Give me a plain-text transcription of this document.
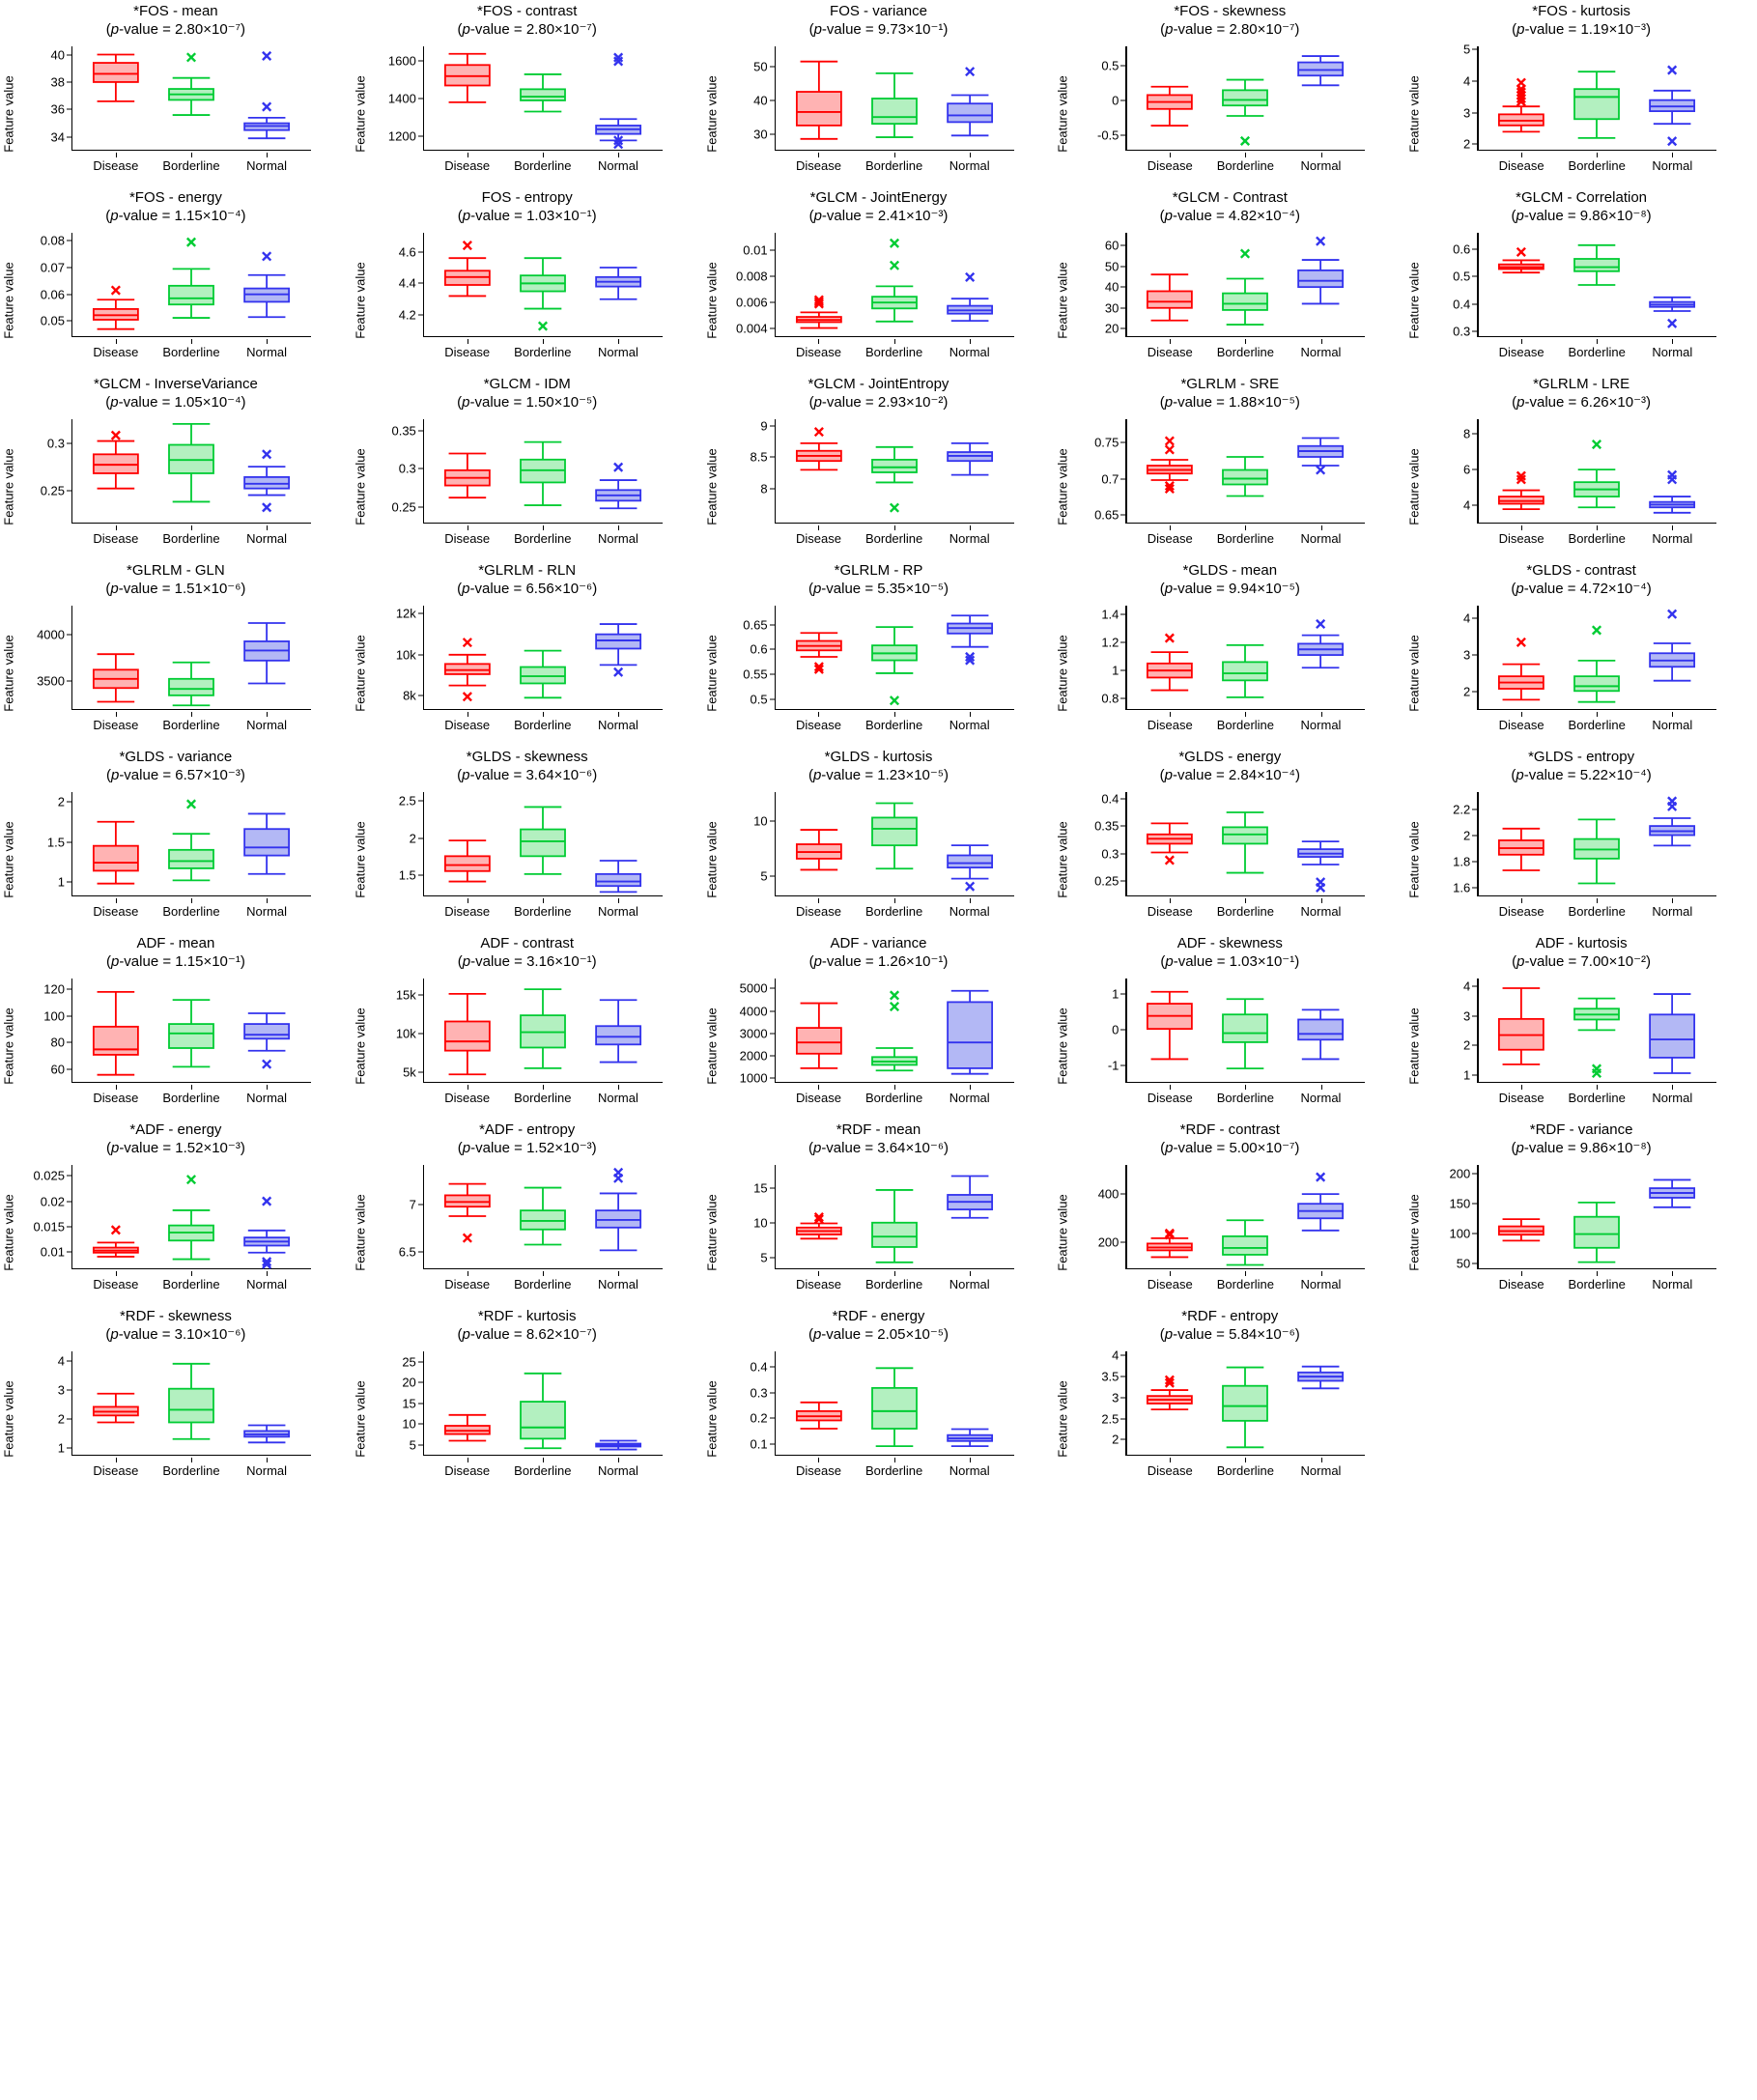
*FOS - mean
(p-value = 2.80×10⁻⁷)
Feature value	34
36
38
40
Disease Borderline Normal
*FOS - contrast
(p-value = 2.80×10⁻⁷)
Feature value 1200
1400
1600
Disease Borderline Normal
FOS - variance
(p-value = 9.73×10⁻¹)
Feature value	30
40
50
Disease Borderline Normal
*FOS - skewness
(p-value = 2.80×10⁻⁷)
Feature value -0.5
0
0.5
Disease Borderline Normal
*FOS - kurtosis
(p-value = 1.19×10⁻³)
Feature value	2
3
4
5
Disease Borderline Normal
*FOS - energy
(p-value = 1.15×10⁻⁴)
Feature value 0.05
0.06
0.07
0.08
Disease Borderline Normal
FOS - entropy
(p-value = 1.03×10⁻¹)
Feature value 4.2
4.4
4.6
Disease Borderline Normal
*GLCM - JointEnergy
(p-value = 2.41×10⁻³)
Feature value 0.004
0.006
0.008
0.01
Disease Borderline Normal
*GLCM - Contrast
(p-value = 4.82×10⁻⁴)
Feature value	20
30
40
50
60
Disease Borderline Normal
*GLCM - Correlation
(p-value = 9.86×10⁻⁸)
Feature value 0.3
0.4
0.5
0.6
Disease Borderline Normal
*GLCM - InverseVariance
(p-value = 1.05×10⁻⁴)
Feature value 0.25
0.3
Disease Borderline Normal
*GLCM - IDM
(p-value = 1.50×10⁻⁵)
Feature value 0.25
0.3
0.35
Disease Borderline Normal
*GLCM - JointEntropy
(p-value = 2.93×10⁻²)
Feature value	8
8.5
9
Disease Borderline Normal
*GLRLM - SRE
(p-value = 1.88×10⁻⁵)
Feature value 0.65
0.7
0.75
Disease Borderline Normal
*GLRLM - LRE
(p-value = 6.26×10⁻³)
Feature value	4
6
8
Disease Borderline Normal
*GLRLM - GLN
(p-value = 1.51×10⁻⁶)
Feature value 3500
4000
Disease Borderline Normal
*GLRLM - RLN
(p-value = 6.56×10⁻⁶)
Feature value	8k
10k
12k
Disease Borderline Normal
*GLRLM - RP
(p-value = 5.35×10⁻⁵)
Feature value 0.5
0.55
0.6
0.65
Disease Borderline Normal
*GLDS - mean
(p-value = 9.94×10⁻⁵)
Feature value 0.8
1
1.2
1.4
Disease Borderline Normal
*GLDS - contrast
(p-value = 4.72×10⁻⁴)
Feature value	2
3
4
Disease Borderline Normal
*GLDS - variance
(p-value = 6.57×10⁻³)
Feature value	1
1.5
2
Disease Borderline Normal
*GLDS - skewness
(p-value = 3.64×10⁻⁶)
Feature value 1.5
2
2.5
Disease Borderline Normal
*GLDS - kurtosis
(p-value = 1.23×10⁻⁵)
Feature value	5
10
Disease Borderline Normal
*GLDS - energy
(p-value = 2.84×10⁻⁴)
Feature value 0.25
0.3
0.35
0.4
Disease Borderline Normal
*GLDS - entropy
(p-value = 5.22×10⁻⁴)
Feature value 1.6
1.8
2
2.2
Disease Borderline Normal
ADF - mean
(p-value = 1.15×10⁻¹)
Feature value	60
80
100
120
Disease Borderline Normal
ADF - contrast
(p-value = 3.16×10⁻¹)
Feature value	5k
10k
15k
Disease Borderline Normal
ADF - variance
(p-value = 1.26×10⁻¹)
Feature value 1000
2000
3000
4000
5000
Disease Borderline Normal
ADF - skewness
(p-value = 1.03×10⁻¹)
Feature value	-1
0
1
Disease Borderline Normal
ADF - kurtosis
(p-value = 7.00×10⁻²)
Feature value	1
2
3
4
Disease Borderline Normal
*ADF - energy
(p-value = 1.52×10⁻³)
Feature value 0.01
0.015
0.02
0.025
Disease Borderline Normal
*ADF - entropy
(p-value = 1.52×10⁻³)
Feature value 6.5
7
Disease Borderline Normal
*RDF - mean
(p-value = 3.64×10⁻⁶)
Feature value	5
10
15
Disease Borderline Normal
*RDF - contrast
(p-value = 5.00×10⁻⁷)
Feature value 200
400
Disease Borderline Normal
*RDF - variance
(p-value = 9.86×10⁻⁸)
Feature value	50
100
150
200
Disease Borderline Normal
*RDF - skewness
(p-value = 3.10×10⁻⁶)
Feature value	1
2
3
4
Disease Borderline Normal
*RDF - kurtosis
(p-value = 8.62×10⁻⁷)
Feature value	5
10
15
20
25
Disease Borderline Normal
*RDF - energy
(p-value = 2.05×10⁻⁵)
Feature value 0.1
0.2
0.3
0.4
Disease Borderline Normal
*RDF - entropy
(p-value = 5.84×10⁻⁶)
Feature value	2
2.5
3
3.5
4
Disease Borderline Normal
